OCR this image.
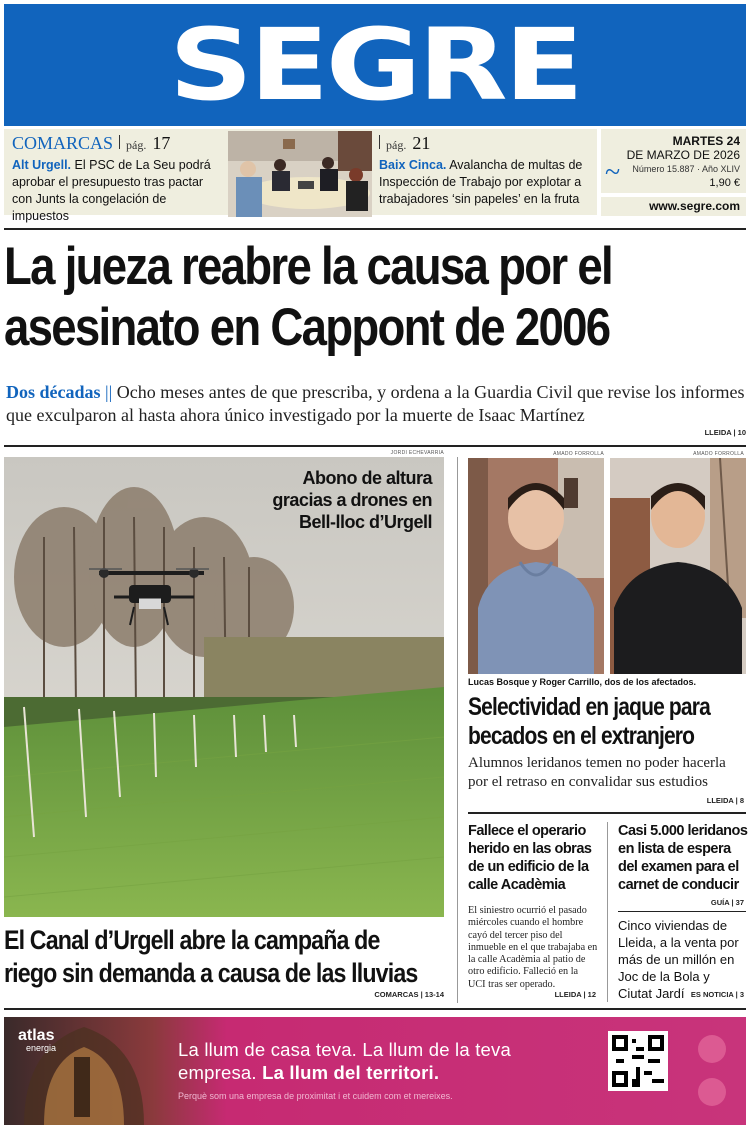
SEGRE
COMARCAS pág. 17
Alt Urgell. El PSC de La Seu podrá aprobar el presupuesto tras pactar con Junts la congelación de impuestos
pág. 21
Baix Cinca. Avalancha de multas de Inspección de Trabajo por explotar a trabajadores ‘sin papeles’ en la fruta
~
MARTES 24
DE MARZO DE 2026
Número 15.887 · Año XLIV
1,90 €
www.segre.com
La jueza reabre la causa por el
asesinato en Cappont de 2006
Dos décadas || Ocho meses antes de que prescriba, y ordena a la Guardia Civil que revise los informes que exculparon al hasta ahora único investigado por la muerte de Isaac Martínez
LLEIDA | 10
JORDI ECHEVARRIA
Abono de altura
gracias a drones en
Bell-lloc d’Urgell
El Canal d’Urgell abre la campaña de
riego sin demanda a causa de las lluvias
COMARCAS | 13-14
AMADO FORROLLA	AMADO FORROLLA
Lucas Bosque y Roger Carrillo, dos de los afectados.
Selectividad en jaque para
becados en el extranjero
Alumnos leridanos temen no poder hacerla por el retraso en convalidar sus estudios
LLEIDA | 8
Fallece el operario herido en las obras de un edificio de la calle Acadèmia
El siniestro ocurrió el pasado miércoles cuando el hombre cayó del tercer piso del inmueble en el que trabajaba en la calle Acadèmia al patio de otro edificio. Falleció en la UCI tras ser operado.
LLEIDA | 12
Casi 5.000 leridanos en lista de espera del examen para el carnet de conducir
GUÍA | 37
Cinco viviendas de Lleida, a la venta por más de un millón en Joc de la Bola y Ciutat Jardí ES NOTICIA | 3
atlas
energia	La llum de casa teva. La llum de la teva
empresa. La llum del territori.
Perquè som una empresa de proximitat i et cuidem com et mereixes.
